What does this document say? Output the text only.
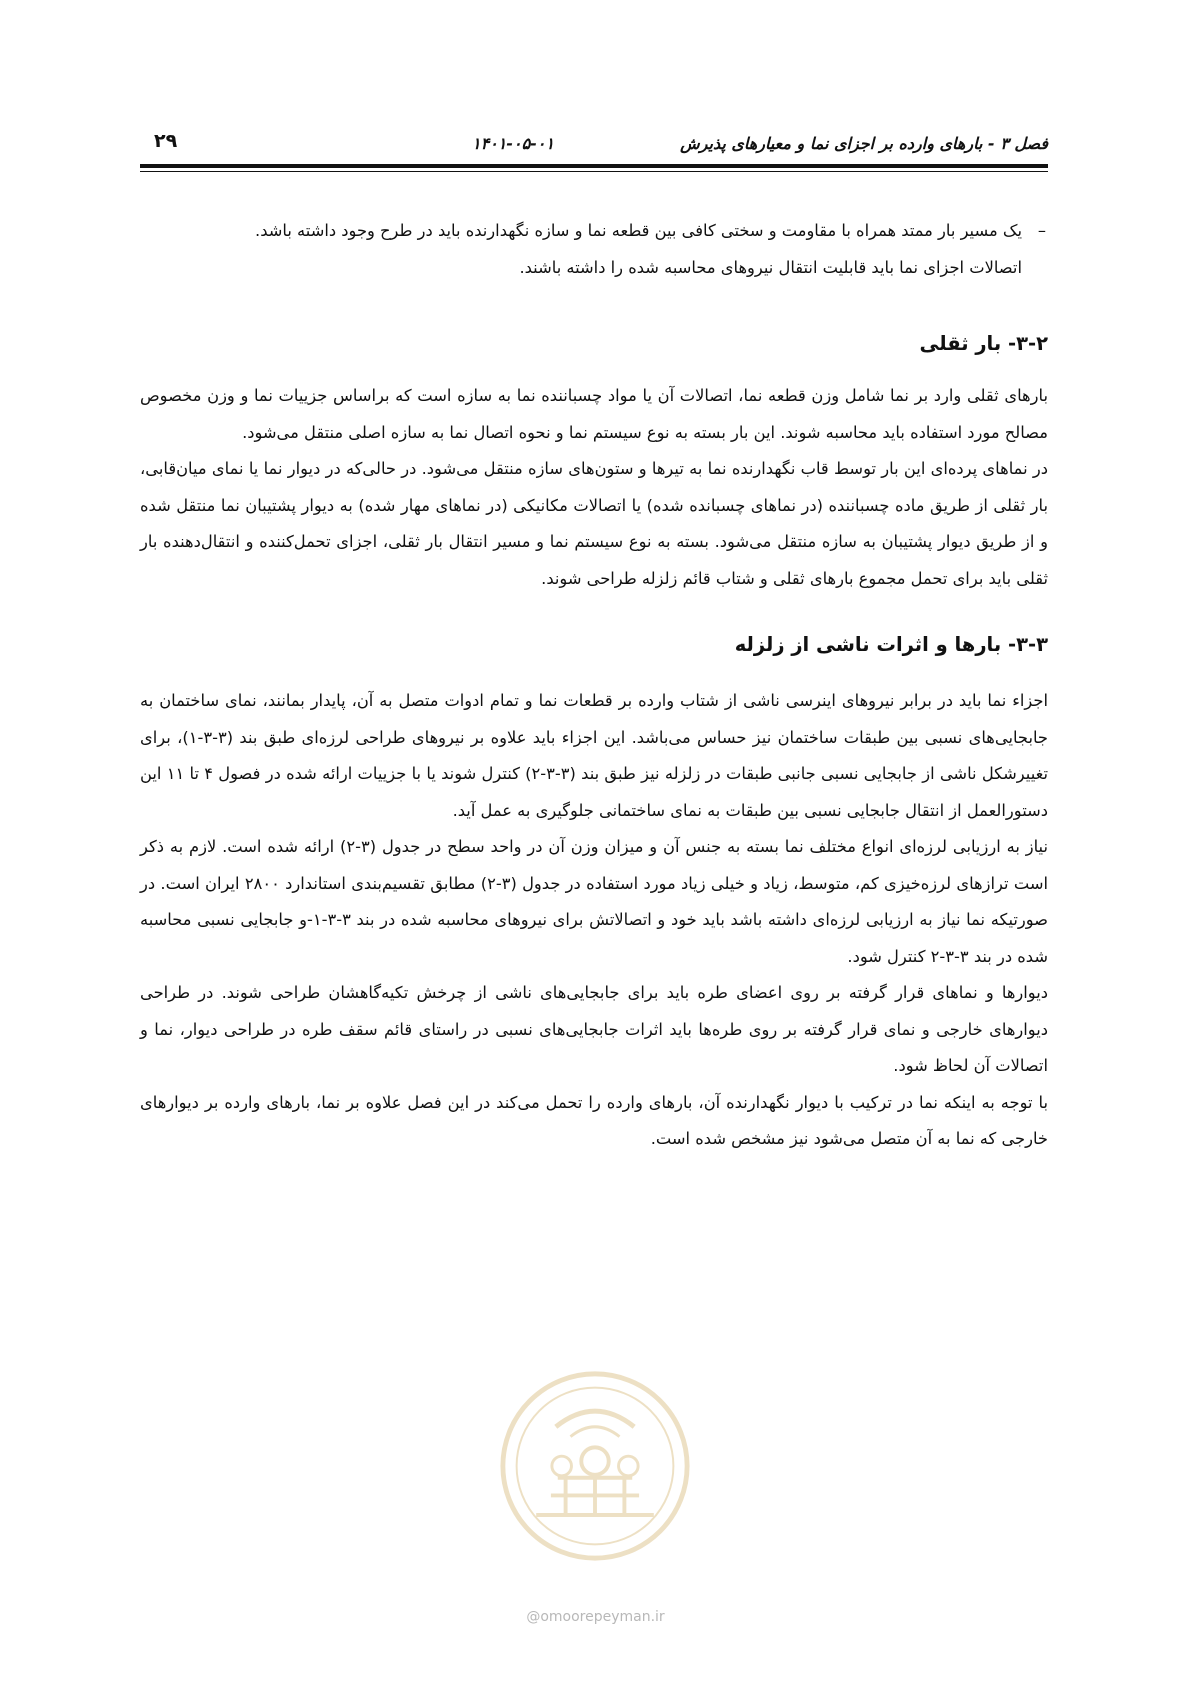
فصل ۳ - بارهای وارده بر اجزای نما و معیارهای پذیرش
۱۴۰۱-۰۵-۰۱
۲۹
–

یک مسیر بار ممتد همراه با مقاومت و سختی کافی بین قطعه نما و سازه نگهدارنده باید در طرح وجود داشته باشد.

اتصالات اجزای نما باید قابلیت انتقال نیروهای محاسبه شده را داشته باشند.

۳-۲- بار ثقلی

بارهای ثقلی وارد بر نما شامل وزن قطعه نما، اتصالات آن یا مواد چسباننده نما به سازه است که براساس جزییات نما و وزن مخصوص مصالح مورد استفاده باید محاسبه شوند. این بار بسته به نوع سیستم نما و نحوه اتصال نما به سازه اصلی منتقل می‌شود.

در نماهای پرده‌ای این بار توسط قاب نگهدارنده نما به تیرها و ستون‌های سازه منتقل می‌شود. در حالی‌که در دیوار نما یا نمای میان‌قابی، بار ثقلی از طریق ماده چسباننده (در نماهای چسبانده شده) یا اتصالات مکانیکی (در نماهای مهار شده) به دیوار پشتیبان نما منتقل شده و از طریق دیوار پشتیبان به سازه منتقل می‌شود. بسته به نوع سیستم نما و مسیر انتقال بار ثقلی، اجزای تحمل‌کننده و انتقال‌دهنده بار ثقلی باید برای تحمل مجموع بارهای ثقلی و شتاب قائم زلزله طراحی شوند.

۳-۳- بارها و اثرات ناشی از زلزله

اجزاء نما باید در برابر نیروهای اینرسی ناشی از شتاب وارده بر قطعات نما و تمام ادوات متصل به آن، پایدار بمانند، نمای ساختمان به جابجایی‌های نسبی بین طبقات ساختمان نیز حساس می‌باشد. این اجزاء باید علاوه بر نیروهای طراحی لرزه‌ای طبق بند (۳-۳-۱)، برای تغییرشکل ناشی از جابجایی نسبی جانبی طبقات در زلزله نیز طبق بند (۳-۳-۲) کنترل شوند یا با جزییات ارائه شده در فصول ۴ تا ۱۱ این دستورالعمل از انتقال جابجایی نسبی بین طبقات به نمای ساختمانی جلوگیری به عمل آید.

نیاز به ارزیابی لرزه‌ای انواع مختلف نما بسته به جنس آن و میزان وزن آن در واحد سطح در جدول (۳-۲) ارائه شده است. لازم به ذکر است ترازهای لرزه‌خیزی کم، متوسط، زیاد و خیلی زیاد مورد استفاده در جدول (۳-۲) مطابق تقسیم‌بندی استاندارد ۲۸۰۰ ایران است. در صورتیکه نما نیاز به ارزیابی لرزه‌ای داشته باشد باید خود و اتصالاتش برای نیروهای محاسبه شده در بند ۳-۳-۱-و جابجایی نسبی محاسبه شده در بند ۳-۳-۲ کنترل شود.

دیوارها و نماهای قرار گرفته بر روی اعضای طره باید برای جابجایی‌های ناشی از چرخش تکیه‌گاهشان طراحی شوند. در طراحی دیوارهای خارجی و نمای قرار گرفته بر روی طره‌ها باید اثرات جابجایی‌های نسبی در راستای قائم سقف طره در طراحی دیوار، نما و اتصالات آن لحاظ شود.

با توجه به اینکه نما در ترکیب با دیوار نگهدارنده آن، بارهای وارده را تحمل می‌کند در این فصل علاوه بر نما، بارهای وارده بر دیوارهای خارجی که نما به آن متصل می‌شود نیز مشخص شده است.

@omoorepeyman.ir
